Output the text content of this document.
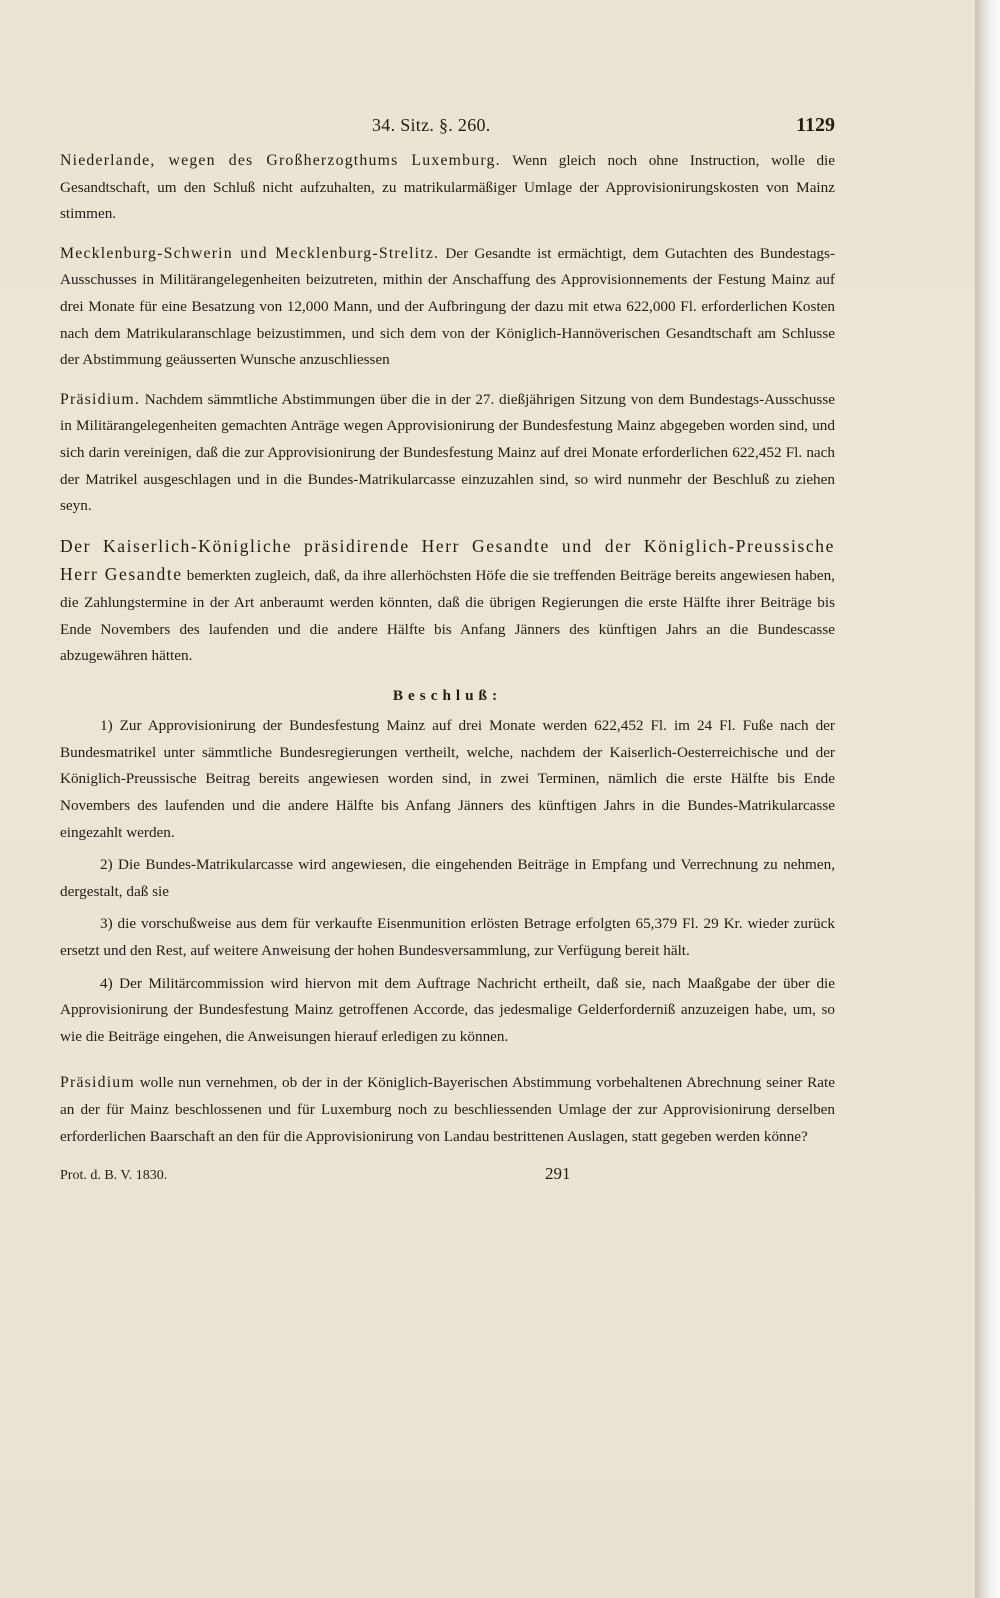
34. Sitz. §. 260.	1129

Niederlande, wegen des Großherzogthums Luxemburg. Wenn gleich noch ohne Instruction, wolle die Gesandtschaft, um den Schluß nicht aufzuhalten, zu matrikularmäßiger Umlage der Approvisionirungskosten von Mainz stimmen.

Mecklenburg-Schwerin und Mecklenburg-Strelitz. Der Gesandte ist ermächtigt, dem Gutachten des Bundestags-Ausschusses in Militärangelegenheiten beizutreten, mithin der Anschaffung des Approvisionnements der Festung Mainz auf drei Monate für eine Besatzung von 12,000 Mann, und der Aufbringung der dazu mit etwa 622,000 Fl. erforderlichen Kosten nach dem Matrikularanschlage beizustimmen, und sich dem von der Königlich-Hannöverischen Gesandtschaft am Schlusse der Abstimmung geäusserten Wunsche anzuschliessen

Präsidium. Nachdem sämmtliche Abstimmungen über die in der 27. dießjährigen Sitzung von dem Bundestags-Ausschusse in Militärangelegenheiten gemachten Anträge wegen Approvisionirung der Bundesfestung Mainz abgegeben worden sind, und sich darin vereinigen, daß die zur Approvisionirung der Bundesfestung Mainz auf drei Monate erforderlichen 622,452 Fl. nach der Matrikel ausgeschlagen und in die Bundes-Matrikularcasse einzuzahlen sind, so wird nunmehr der Beschluß zu ziehen seyn.

Der Kaiserlich-Königliche präsidirende Herr Gesandte und der Königlich-Preussische Herr Gesandte bemerkten zugleich, daß, da ihre allerhöchsten Höfe die sie treffenden Beiträge bereits angewiesen haben, die Zahlungstermine in der Art anberaumt werden könnten, daß die übrigen Regierungen die erste Hälfte ihrer Beiträge bis Ende Novembers des laufenden und die andere Hälfte bis Anfang Jänners des künftigen Jahrs an die Bundescasse abzugewähren hätten.

Beschluß:

1) Zur Approvisionirung der Bundesfestung Mainz auf drei Monate werden 622,452 Fl. im 24 Fl. Fuße nach der Bundesmatrikel unter sämmtliche Bundesregierungen vertheilt, welche, nachdem der Kaiserlich-Oesterreichische und der Königlich-Preussische Beitrag bereits angewiesen worden sind, in zwei Terminen, nämlich die erste Hälfte bis Ende Novembers des laufenden und die andere Hälfte bis Anfang Jänners des künftigen Jahrs in die Bundes-Matrikularcasse eingezahlt werden.

2) Die Bundes-Matrikularcasse wird angewiesen, die eingehenden Beiträge in Empfang und Verrechnung zu nehmen, dergestalt, daß sie

3) die vorschußweise aus dem für verkaufte Eisenmunition erlösten Betrage erfolgten 65,379 Fl. 29 Kr. wieder zurück ersetzt und den Rest, auf weitere Anweisung der hohen Bundesversammlung, zur Verfügung bereit hält.

4) Der Militärcommission wird hiervon mit dem Auftrage Nachricht ertheilt, daß sie, nach Maaßgabe der über die Approvisionirung der Bundesfestung Mainz getroffenen Accorde, das jedesmalige Gelderforderniß anzuzeigen habe, um, so wie die Beiträge eingehen, die Anweisungen hierauf erledigen zu können.

Präsidium wolle nun vernehmen, ob der in der Königlich-Bayerischen Abstimmung vorbehaltenen Abrechnung seiner Rate an der für Mainz beschlossenen und für Luxemburg noch zu beschliessenden Umlage der zur Approvisionirung derselben erforderlichen Baarschaft an den für die Approvisionirung von Landau bestrittenen Auslagen, statt gegeben werden könne?

Prot. d. B. V. 1830.	291
